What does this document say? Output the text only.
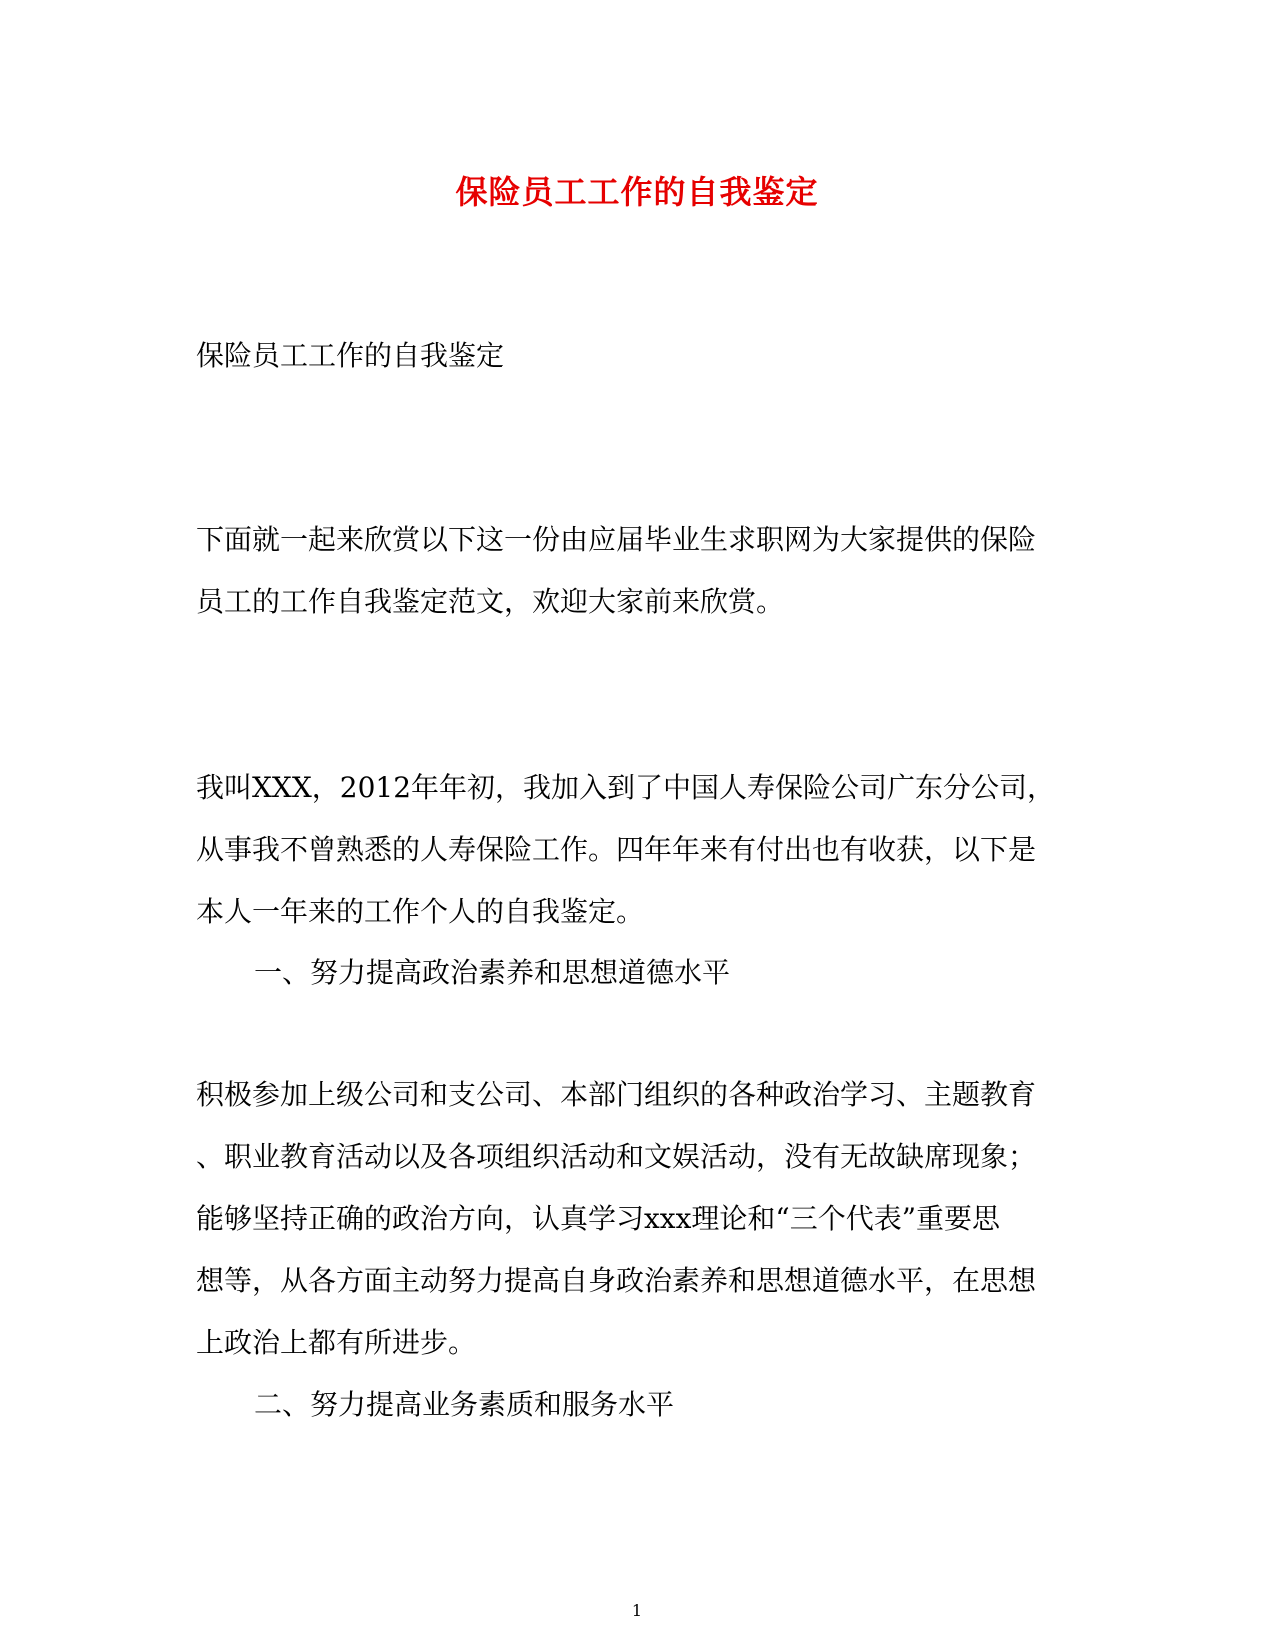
保险员工工作的自我鉴定
保险员工工作的自我鉴定
下面就一起来欣赏以下这一份由应届毕业生求职网为大家提供的保险
员工的工作自我鉴定范文，欢迎大家前来欣赏。
我叫XXX，2012年年初，我加入到了中国人寿保险公司广东分公司，
从事我不曾熟悉的人寿保险工作。四年年来有付出也有收获，以下是
本人一年来的工作个人的自我鉴定。
一、努力提高政治素养和思想道德水平
积极参加上级公司和支公司、本部门组织的各种政治学习、主题教育
、职业教育活动以及各项组织活动和文娱活动，没有无故缺席现象；
能够坚持正确的政治方向，认真学习xxx理论和“三个代表”重要思
想等，从各方面主动努力提高自身政治素养和思想道德水平，在思想
上政治上都有所进步。
二、努力提高业务素质和服务水平
1
